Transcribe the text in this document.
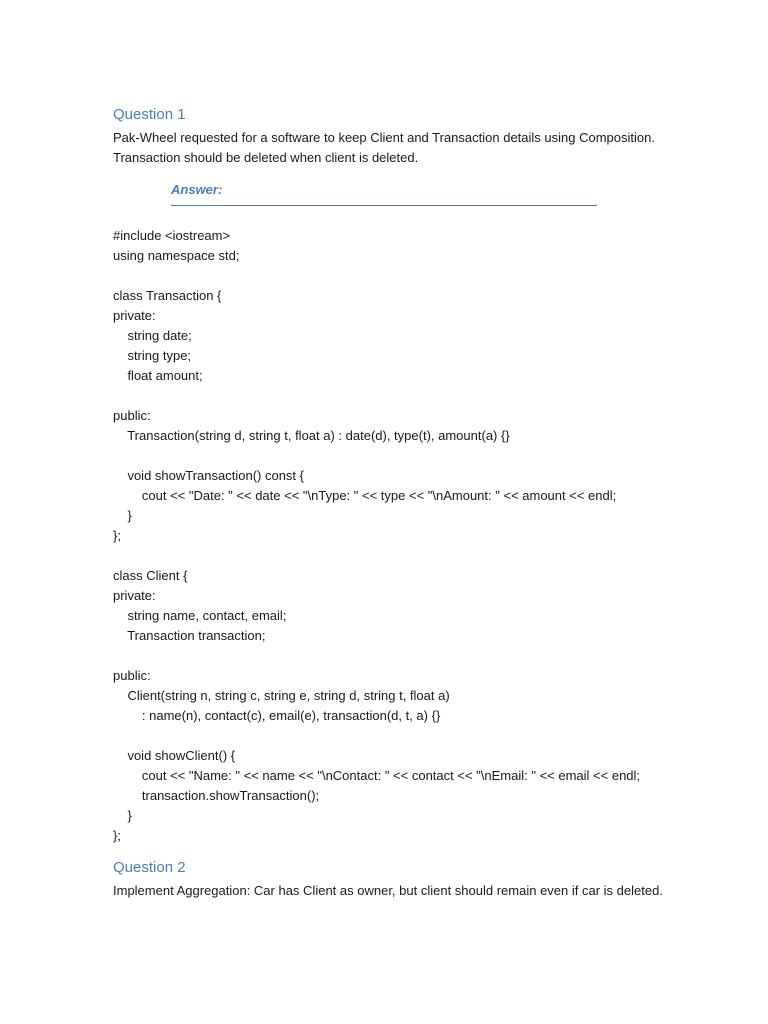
Question 1
Pak-Wheel requested for a software to keep Client and Transaction details using Composition.
Transaction should be deleted when client is deleted.
Answer:
#include <iostream>
using namespace std;
class Transaction {
private:
string date;
string type;
float amount;
public:
Transaction(string d, string t, float a) : date(d), type(t), amount(a) {}
void showTransaction() const {
cout << "Date: " << date << "\nType: " << type << "\nAmount: " << amount << endl;
}
};
class Client {
private:
string name, contact, email;
Transaction transaction;
public:
Client(string n, string c, string e, string d, string t, float a)
: name(n), contact(c), email(e), transaction(d, t, a) {}
void showClient() {
cout << "Name: " << name << "\nContact: " << contact << "\nEmail: " << email << endl;
transaction.showTransaction();
}
};
Question 2
Implement Aggregation: Car has Client as owner, but client should remain even if car is deleted.
